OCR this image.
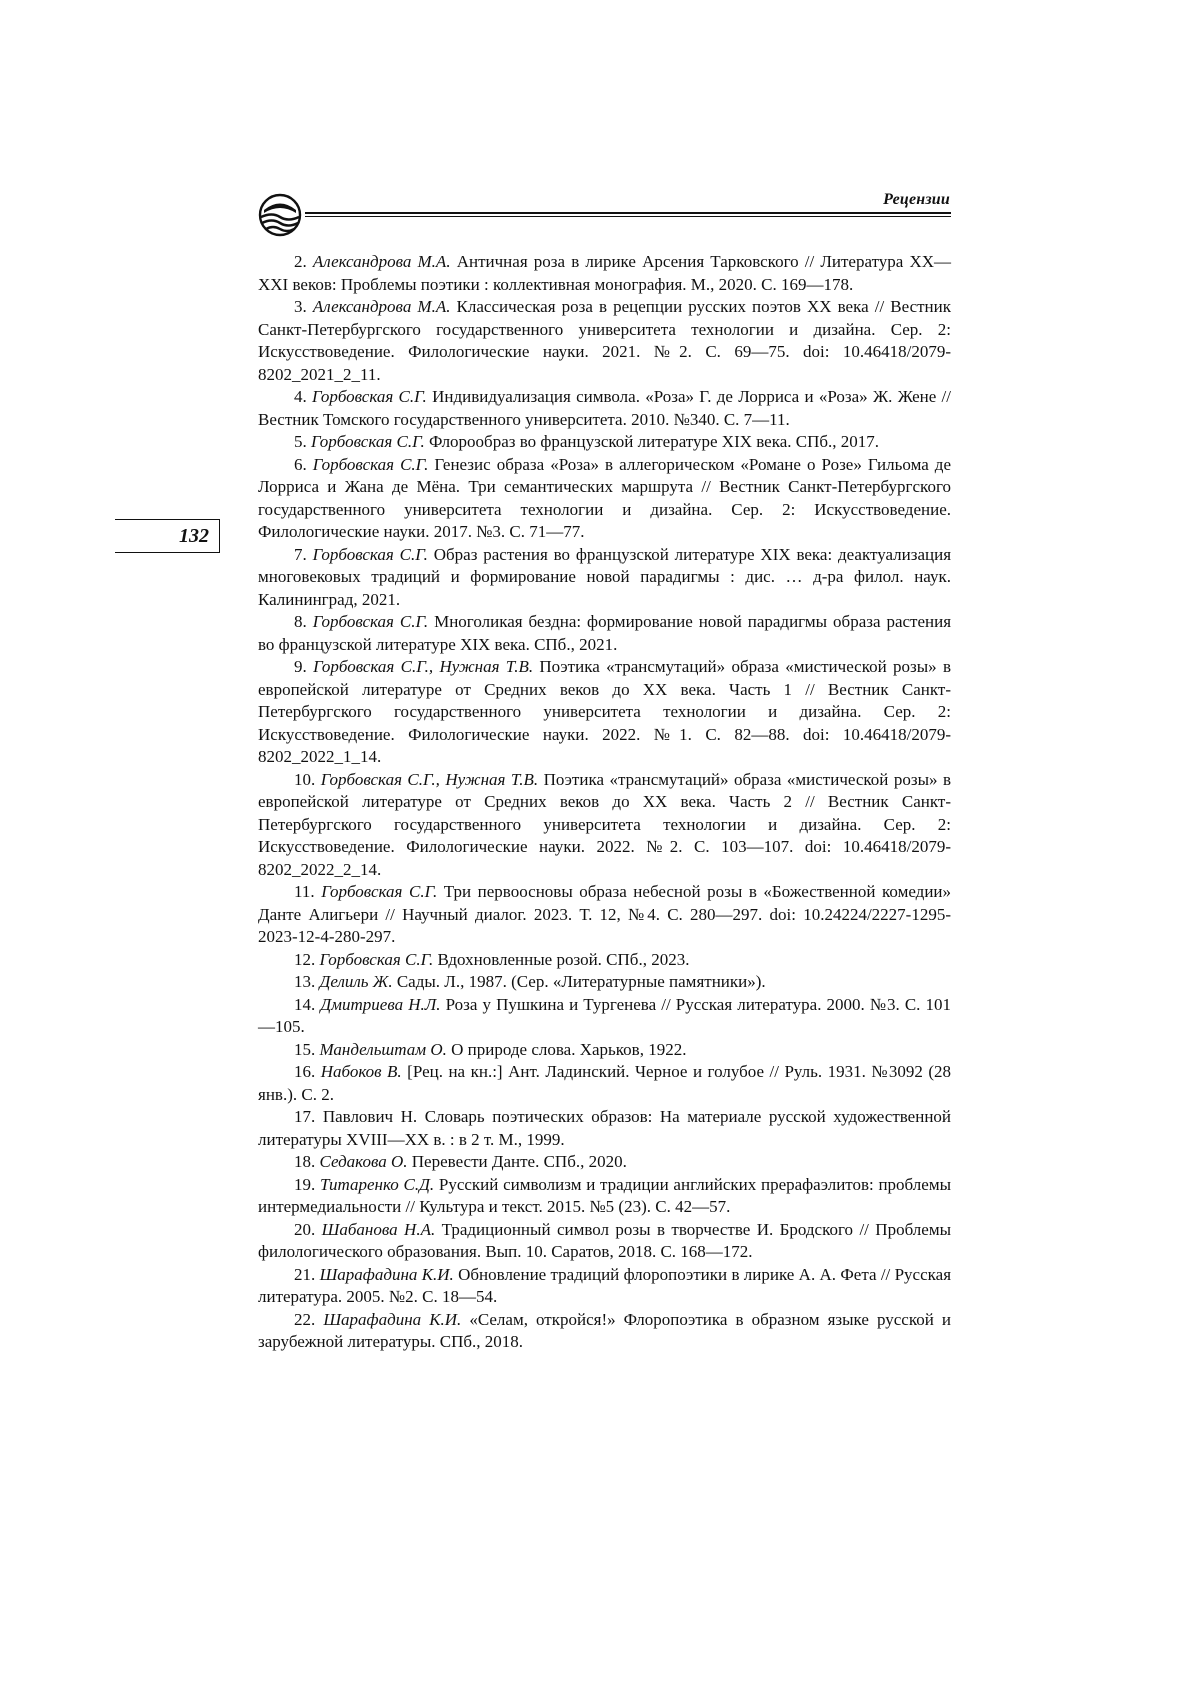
Рецензии
132

2. Александрова М.А. Античная роза в лирике Арсения Тарковского // Литература XX—XXI веков: Проблемы поэтики : коллективная монография. М., 2020. С. 169—178.

3. Александрова М.А. Классическая роза в рецепции русских поэтов XX века // Вестник Санкт-Петербургского государственного университета технологии и дизайна. Сер. 2: Искусствоведение. Филологические науки. 2021. №2. С. 69—75. doi: 10.46418/2079-8202_2021_2_11.

4. Горбовская С.Г. Индивидуализация символа. «Роза» Г. де Лорриса и «Роза» Ж. Жене // Вестник Томского государственного университета. 2010. №340. С. 7—11.

5. Горбовская С.Г. Флорообраз во французской литературе XIX века. СПб., 2017.

6. Горбовская С.Г. Генезис образа «Роза» в аллегорическом «Романе о Розе» Гильома де Лорриса и Жана де Мёна. Три семантических маршрута // Вестник Санкт-Петербургского государственного университета технологии и дизайна. Сер. 2: Искусствоведение. Филологические науки. 2017. №3. С. 71—77.

7. Горбовская С.Г. Образ растения во французской литературе XIX века: деактуализация многовековых традиций и формирование новой парадигмы : дис. … д-ра филол. наук. Калининград, 2021.

8. Горбовская С.Г. Многоликая бездна: формирование новой парадигмы образа растения во французской литературе XIX века. СПб., 2021.

9. Горбовская С.Г., Нужная Т.В. Поэтика «трансмутаций» образа «мистической розы» в европейской литературе от Средних веков до XX века. Часть 1 // Вестник Санкт-Петербургского государственного университета технологии и дизайна. Сер. 2: Искусствоведение. Филологические науки. 2022. №1. С. 82—88. doi: 10.46418/2079-8202_2022_1_14.

10. Горбовская С.Г., Нужная Т.В. Поэтика «трансмутаций» образа «мистической розы» в европейской литературе от Средних веков до XX века. Часть 2 // Вестник Санкт-Петербургского государственного университета технологии и дизайна. Сер. 2: Искусствоведение. Филологические науки. 2022. №2. С. 103—107. doi: 10.46418/2079-8202_2022_2_14.

11. Горбовская С.Г. Три первоосновы образа небесной розы в «Божественной комедии» Данте Алигьери // Научный диалог. 2023. Т. 12, №4. С. 280—297. doi: 10.24224/2227-1295-2023-12-4-280-297.

12. Горбовская С.Г. Вдохновленные розой. СПб., 2023.

13. Делиль Ж. Сады. Л., 1987. (Сер. «Литературные памятники»).

14. Дмитриева Н.Л. Роза у Пушкина и Тургенева // Русская литература. 2000. №3. С. 101—105.

15. Мандельштам О. О природе слова. Харьков, 1922.

16. Набоков В. [Рец. на кн.:] Ант. Ладинский. Черное и голубое // Руль. 1931. №3092 (28 янв.). С. 2.

17. Павлович Н. Словарь поэтических образов: На материале русской художественной литературы XVIII—XX в. : в 2 т. М., 1999.

18. Седакова О. Перевести Данте. СПб., 2020.

19. Титаренко С.Д. Русский символизм и традиции английских прерафаэлитов: проблемы интермедиальности // Культура и текст. 2015. №5 (23). С. 42—57.

20. Шабанова Н.А. Традиционный символ розы в творчестве И. Бродского // Проблемы филологического образования. Вып. 10. Саратов, 2018. С. 168—172.

21. Шарафадина К.И. Обновление традиций флоропоэтики в лирике А. А. Фета // Русская литература. 2005. №2. С. 18—54.

22. Шарафадина К.И. «Селам, откройся!» Флоропоэтика в образном языке русской и зарубежной литературы. СПб., 2018.
